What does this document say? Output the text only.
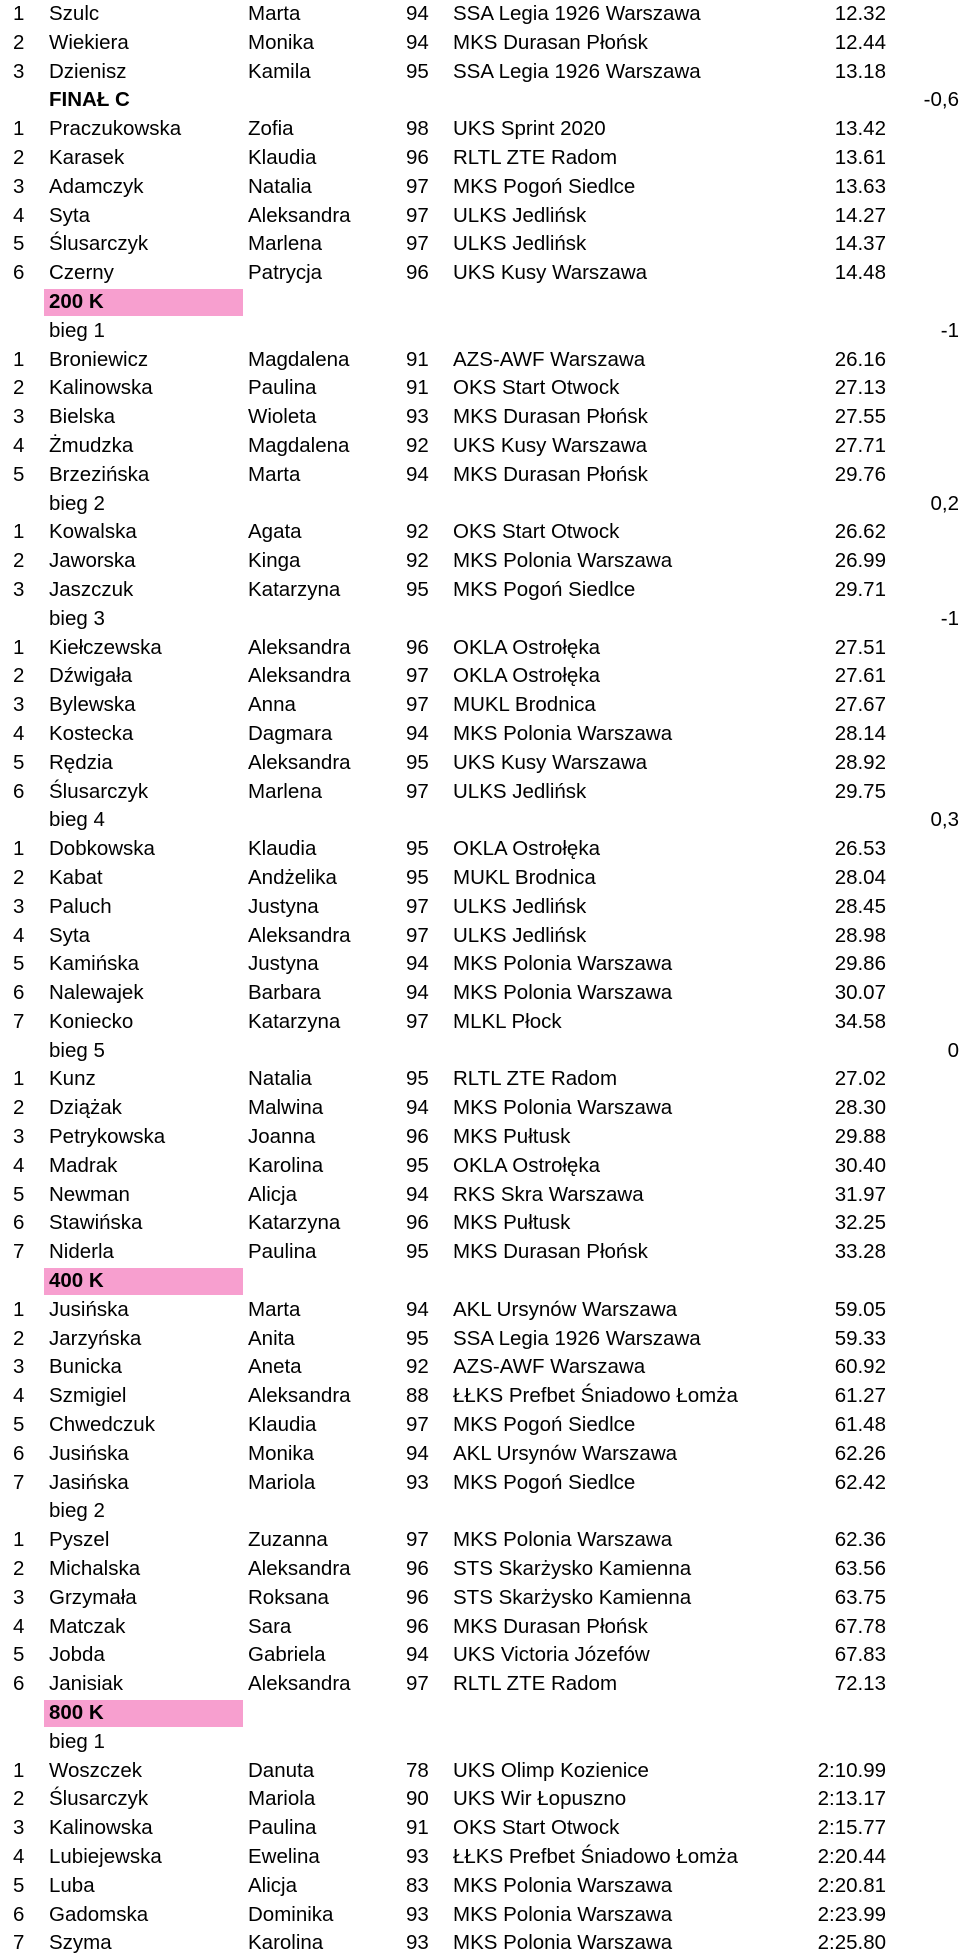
1 Szulc	Marta	94 SSA Legia 1926 Warszawa	12.32
2 Wiekiera	Monika	94 MKS Durasan Płońsk	12.44
3 Dzienisz	Kamila	95 SSA Legia 1926 Warszawa	13.18
FINAŁ C	-0,6
1 Praczukowska	Zofia	98 UKS Sprint 2020	13.42
2 Karasek	Klaudia	96 RLTL ZTE Radom	13.61
3 Adamczyk	Natalia	97 MKS Pogoń Siedlce	13.63
4 Syta	Aleksandra	97 ULKS Jedlińsk	14.27
5 Ślusarczyk	Marlena	97 ULKS Jedlińsk	14.37
6 Czerny	Patrycja	96 UKS Kusy Warszawa	14.48
200 K
bieg 1	-1
1 Broniewicz	Magdalena	91 AZS-AWF Warszawa	26.16
2 Kalinowska	Paulina	91 OKS Start Otwock	27.13
3 Bielska	Wioleta	93 MKS Durasan Płońsk	27.55
4 Żmudzka	Magdalena	92 UKS Kusy Warszawa	27.71
5 Brzezińska	Marta	94 MKS Durasan Płońsk	29.76
bieg 2	0,2
1 Kowalska	Agata	92 OKS Start Otwock	26.62
2 Jaworska	Kinga	92 MKS Polonia Warszawa	26.99
3 Jaszczuk	Katarzyna	95 MKS Pogoń Siedlce	29.71
bieg 3	-1
1 Kiełczewska	Aleksandra	96 OKLA Ostrołęka	27.51
2 Dźwigała	Aleksandra	97 OKLA Ostrołęka	27.61
3 Bylewska	Anna	97 MUKL Brodnica	27.67
4 Kostecka	Dagmara	94 MKS Polonia Warszawa	28.14
5 Rędzia	Aleksandra	95 UKS Kusy Warszawa	28.92
6 Ślusarczyk	Marlena	97 ULKS Jedlińsk	29.75
bieg 4	0,3
1 Dobkowska	Klaudia	95 OKLA Ostrołęka	26.53
2 Kabat	Andżelika	95 MUKL Brodnica	28.04
3 Paluch	Justyna	97 ULKS Jedlińsk	28.45
4 Syta	Aleksandra	97 ULKS Jedlińsk	28.98
5 Kamińska	Justyna	94 MKS Polonia Warszawa	29.86
6 Nalewajek	Barbara	94 MKS Polonia Warszawa	30.07
7 Koniecko	Katarzyna	97 MLKL Płock	34.58
bieg 5	0
1 Kunz	Natalia	95 RLTL ZTE Radom	27.02
2 Dziążak	Malwina	94 MKS Polonia Warszawa	28.30
3 Petrykowska	Joanna	96 MKS Pułtusk	29.88
4 Madrak	Karolina	95 OKLA Ostrołęka	30.40
5 Newman	Alicja	94 RKS Skra Warszawa	31.97
6 Stawińska	Katarzyna	96 MKS Pułtusk	32.25
7 Niderla	Paulina	95 MKS Durasan Płońsk	33.28
400 K
1 Jusińska	Marta	94 AKL Ursynów Warszawa	59.05
2 Jarzyńska	Anita	95 SSA Legia 1926 Warszawa	59.33
3 Bunicka	Aneta	92 AZS-AWF Warszawa	60.92
4 Szmigiel	Aleksandra	88 ŁŁKS Prefbet Śniadowo Łomża	61.27
5 Chwedczuk	Klaudia	97 MKS Pogoń Siedlce	61.48
6 Jusińska	Monika	94 AKL Ursynów Warszawa	62.26
7 Jasińska	Mariola	93 MKS Pogoń Siedlce	62.42
bieg 2
1 Pyszel	Zuzanna	97 MKS Polonia Warszawa	62.36
2 Michalska	Aleksandra	96 STS Skarżysko Kamienna	63.56
3 Grzymała	Roksana	96 STS Skarżysko Kamienna	63.75
4 Matczak	Sara	96 MKS Durasan Płońsk	67.78
5 Jobda	Gabriela	94 UKS Victoria Józefów	67.83
6 Janisiak	Aleksandra	97 RLTL ZTE Radom	72.13
800 K
bieg 1
1 Woszczek	Danuta	78 UKS Olimp Kozienice	2:10.99
2 Ślusarczyk	Mariola	90 UKS Wir Łopuszno	2:13.17
3 Kalinowska	Paulina	91 OKS Start Otwock	2:15.77
4 Lubiejewska	Ewelina	93 ŁŁKS Prefbet Śniadowo Łomża	2:20.44
5 Luba	Alicja	83 MKS Polonia Warszawa	2:20.81
6 Gadomska	Dominika	93 MKS Polonia Warszawa	2:23.99
7 Szyma	Karolina	93 MKS Polonia Warszawa	2:25.80
